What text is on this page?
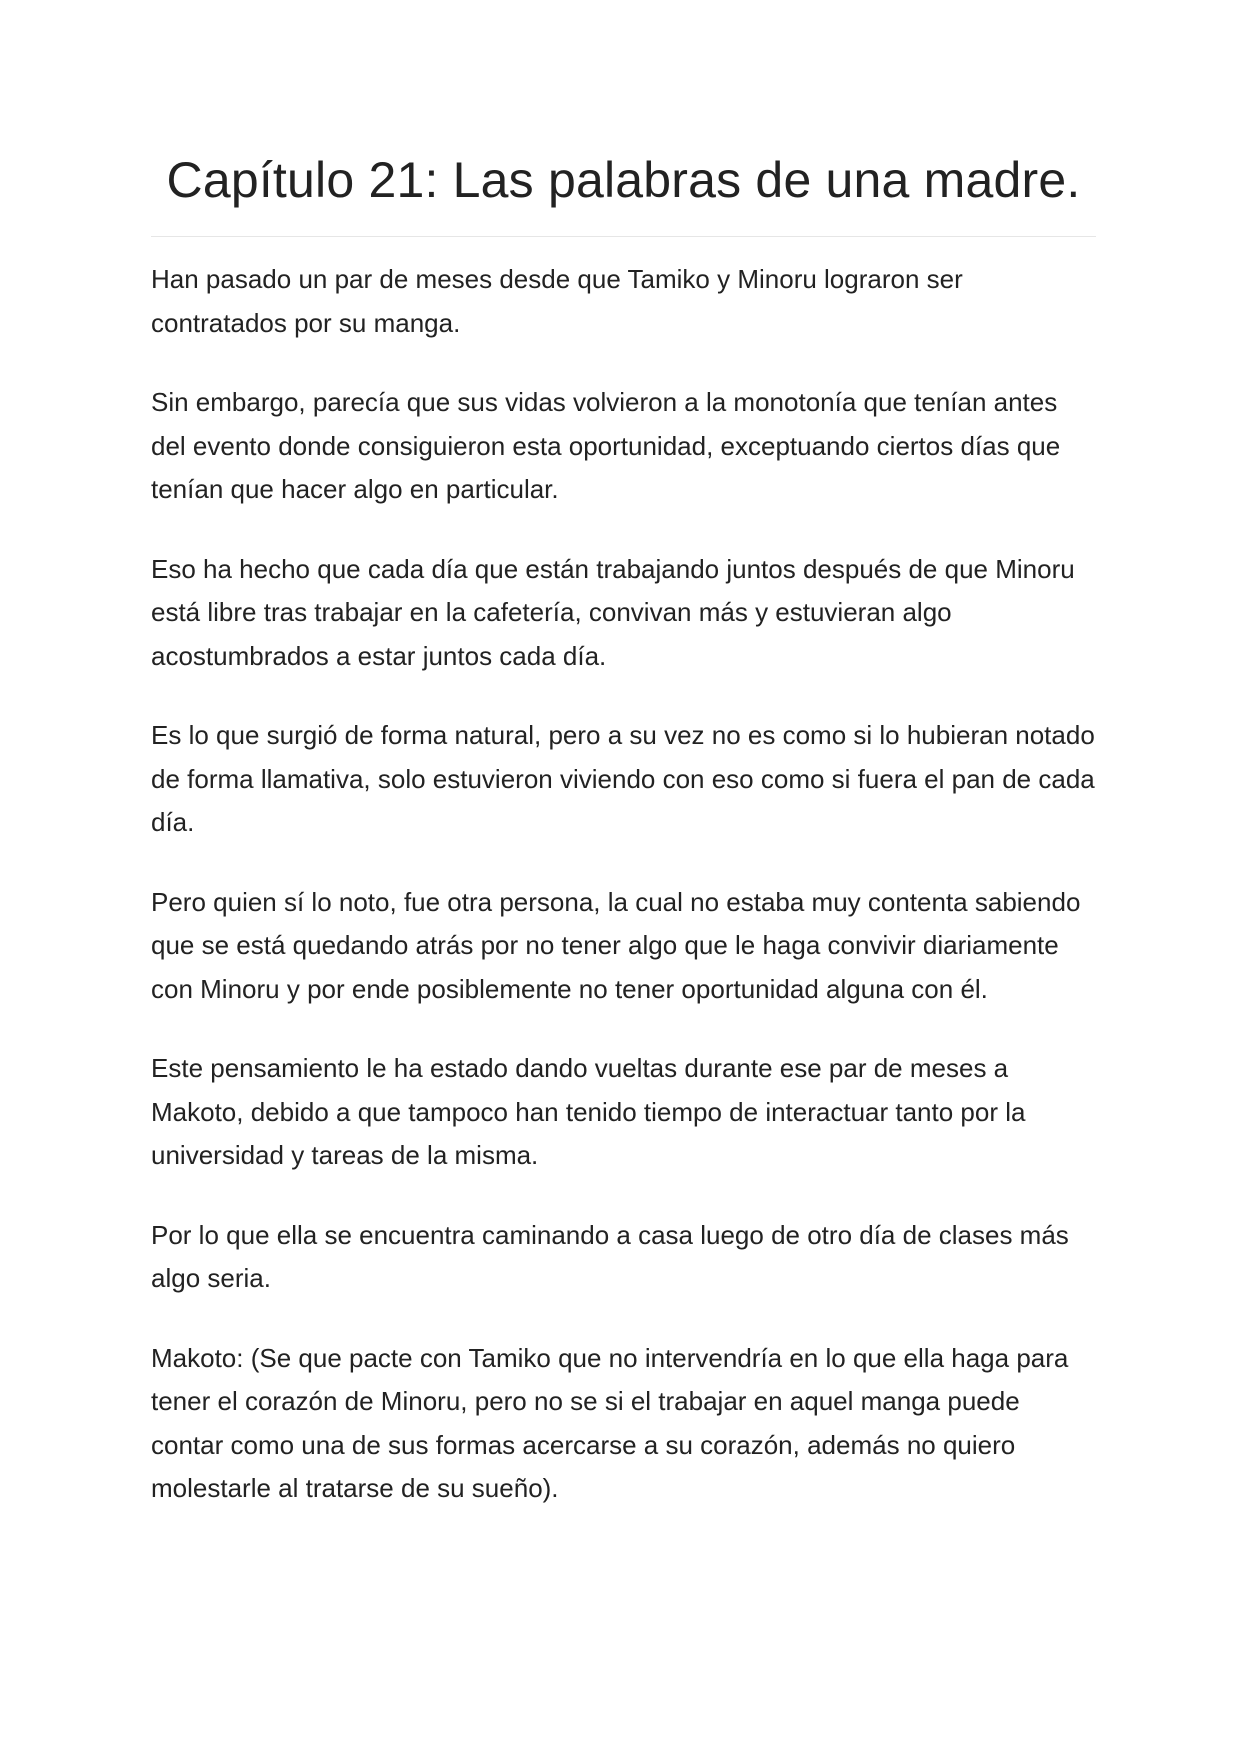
Capítulo 21: Las palabras de una madre.

Han pasado un par de meses desde que Tamiko y Minoru lograron ser contratados por su manga.

Sin embargo, parecía que sus vidas volvieron a la monotonía que tenían antes del evento donde consiguieron esta oportunidad, exceptuando ciertos días que tenían que hacer algo en particular.

Eso ha hecho que cada día que están trabajando juntos después de que Minoru está libre tras trabajar en la cafetería, convivan más y estuvieran algo acostumbrados a estar juntos cada día.

Es lo que surgió de forma natural, pero a su vez no es como si lo hubieran notado de forma llamativa, solo estuvieron viviendo con eso como si fuera el pan de cada día.

Pero quien sí lo noto, fue otra persona, la cual no estaba muy contenta sabiendo que se está quedando atrás por no tener algo que le haga convivir diariamente con Minoru y por ende posiblemente no tener oportunidad alguna con él.

Este pensamiento le ha estado dando vueltas durante ese par de meses a Makoto, debido a que tampoco han tenido tiempo de interactuar tanto por la universidad y tareas de la misma.

Por lo que ella se encuentra caminando a casa luego de otro día de clases más algo seria.

Makoto: (Se que pacte con Tamiko que no intervendría en lo que ella haga para tener el corazón de Minoru, pero no se si el trabajar en aquel manga puede contar como una de sus formas acercarse a su corazón, además no quiero molestarle al tratarse de su sueño).
